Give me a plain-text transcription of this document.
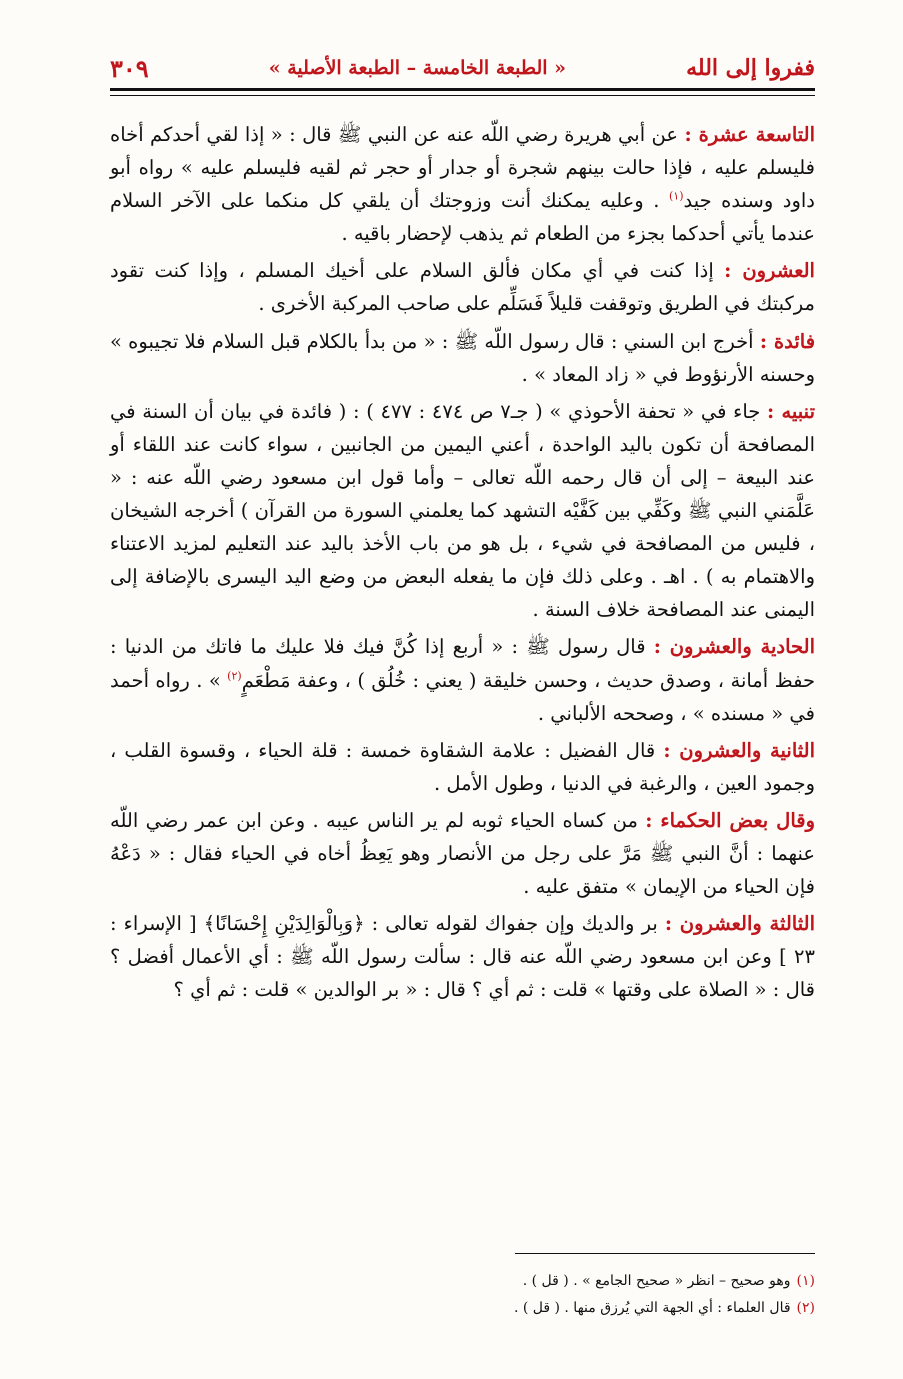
ففروا إلى الله
« الطبعة الخامسة – الطبعة الأصلية »
٣٠٩

التاسعة عشرة : عن أبي هريرة رضي اللّه عنه عن النبي ﷺ قال : « إذا لقي أحدكم أخاه فليسلم عليه ، فإذا حالت بينهم شجرة أو جدار أو حجر ثم لقيه فليسلم عليه » رواه أبو داود وسنده جيد$^{(١)}$ . وعليه يمكنك أنت وزوجتك أن يلقي كل منكما على الآخر السلام عندما يأتي أحدكما بجزء من الطعام ثم يذهب لإحضار باقيه .

العشرون : إذا كنت في أي مكان فألق السلام على أخيك المسلم ، وإذا كنت تقود مركبتك في الطريق وتوقفت قليلاً فَسَلِّم على صاحب المركبة الأخرى .

فائدة : أخرج ابن السني : قال رسول اللّه ﷺ : « من بدأ بالكلام قبل السلام فلا تجيبوه » وحسنه الأرنؤوط في « زاد المعاد » .

تنبيه : جاء في « تحفة الأحوذي » ( جـ٧ ص ٤٧٤ : ٤٧٧ ) : ( فائدة في بيان أن السنة في المصافحة أن تكون باليد الواحدة ، أعني اليمين من الجانبين ، سواء كانت عند اللقاء أو عند البيعة – إلى أن قال رحمه اللّه تعالى – وأما قول ابن مسعود رضي اللّه عنه : « عَلَّمَني النبي ﷺ وكَفِّي بين كَفَّيْه التشهد كما يعلمني السورة من القرآن ) أخرجه الشيخان ، فليس من المصافحة في شيء ، بل هو من باب الأخذ باليد عند التعليم لمزيد الاعتناء والاهتمام به ) . اهـ . وعلى ذلك فإن ما يفعله البعض من وضع اليد اليسرى بالإضافة إلى اليمنى عند المصافحة خلاف السنة .

الحادية والعشرون : قال رسول ﷺ : « أربع إذا كُنَّ فيك فلا عليك ما فاتك من الدنيا : حفظ أمانة ، وصدق حديث ، وحسن خليقة ( يعني : خُلُق ) ، وعفة مَطْعَمٍ$^{(٢)}$ » . رواه أحمد في « مسنده » ، وصححه الألباني .

الثانية والعشرون : قال الفضيل : علامة الشقاوة خمسة : قلة الحياء ، وقسوة القلب ، وجمود العين ، والرغبة في الدنيا ، وطول الأمل .

وقال بعض الحكماء : من كساه الحياء ثوبه لم ير الناس عيبه . وعن ابن عمر رضي اللّه عنهما : أنَّ النبي ﷺ مَرَّ على رجل من الأنصار وهو يَعِظُ أخاه في الحياء فقال : « دَعْهُ فإن الحياء من الإيمان » متفق عليه .

الثالثة والعشرون : بر والديك وإن جفواك لقوله تعالى : ﴿وَبِالْوَالِدَيْنِ إِحْسَانًا﴾ [ الإسراء : ٢٣ ] وعن ابن مسعود رضي اللّه عنه قال : سألت رسول اللّه ﷺ : أي الأعمال أفضل ؟ قال : « الصلاة على وقتها » قلت : ثم أي ؟ قال : « بر الوالدين » قلت : ثم أي ؟

(١)
وهو صحيح – انظر « صحيح الجامع » . ( قل ) .
(٢)
قال العلماء : أي الجهة التي يُرزق منها . ( قل ) .
